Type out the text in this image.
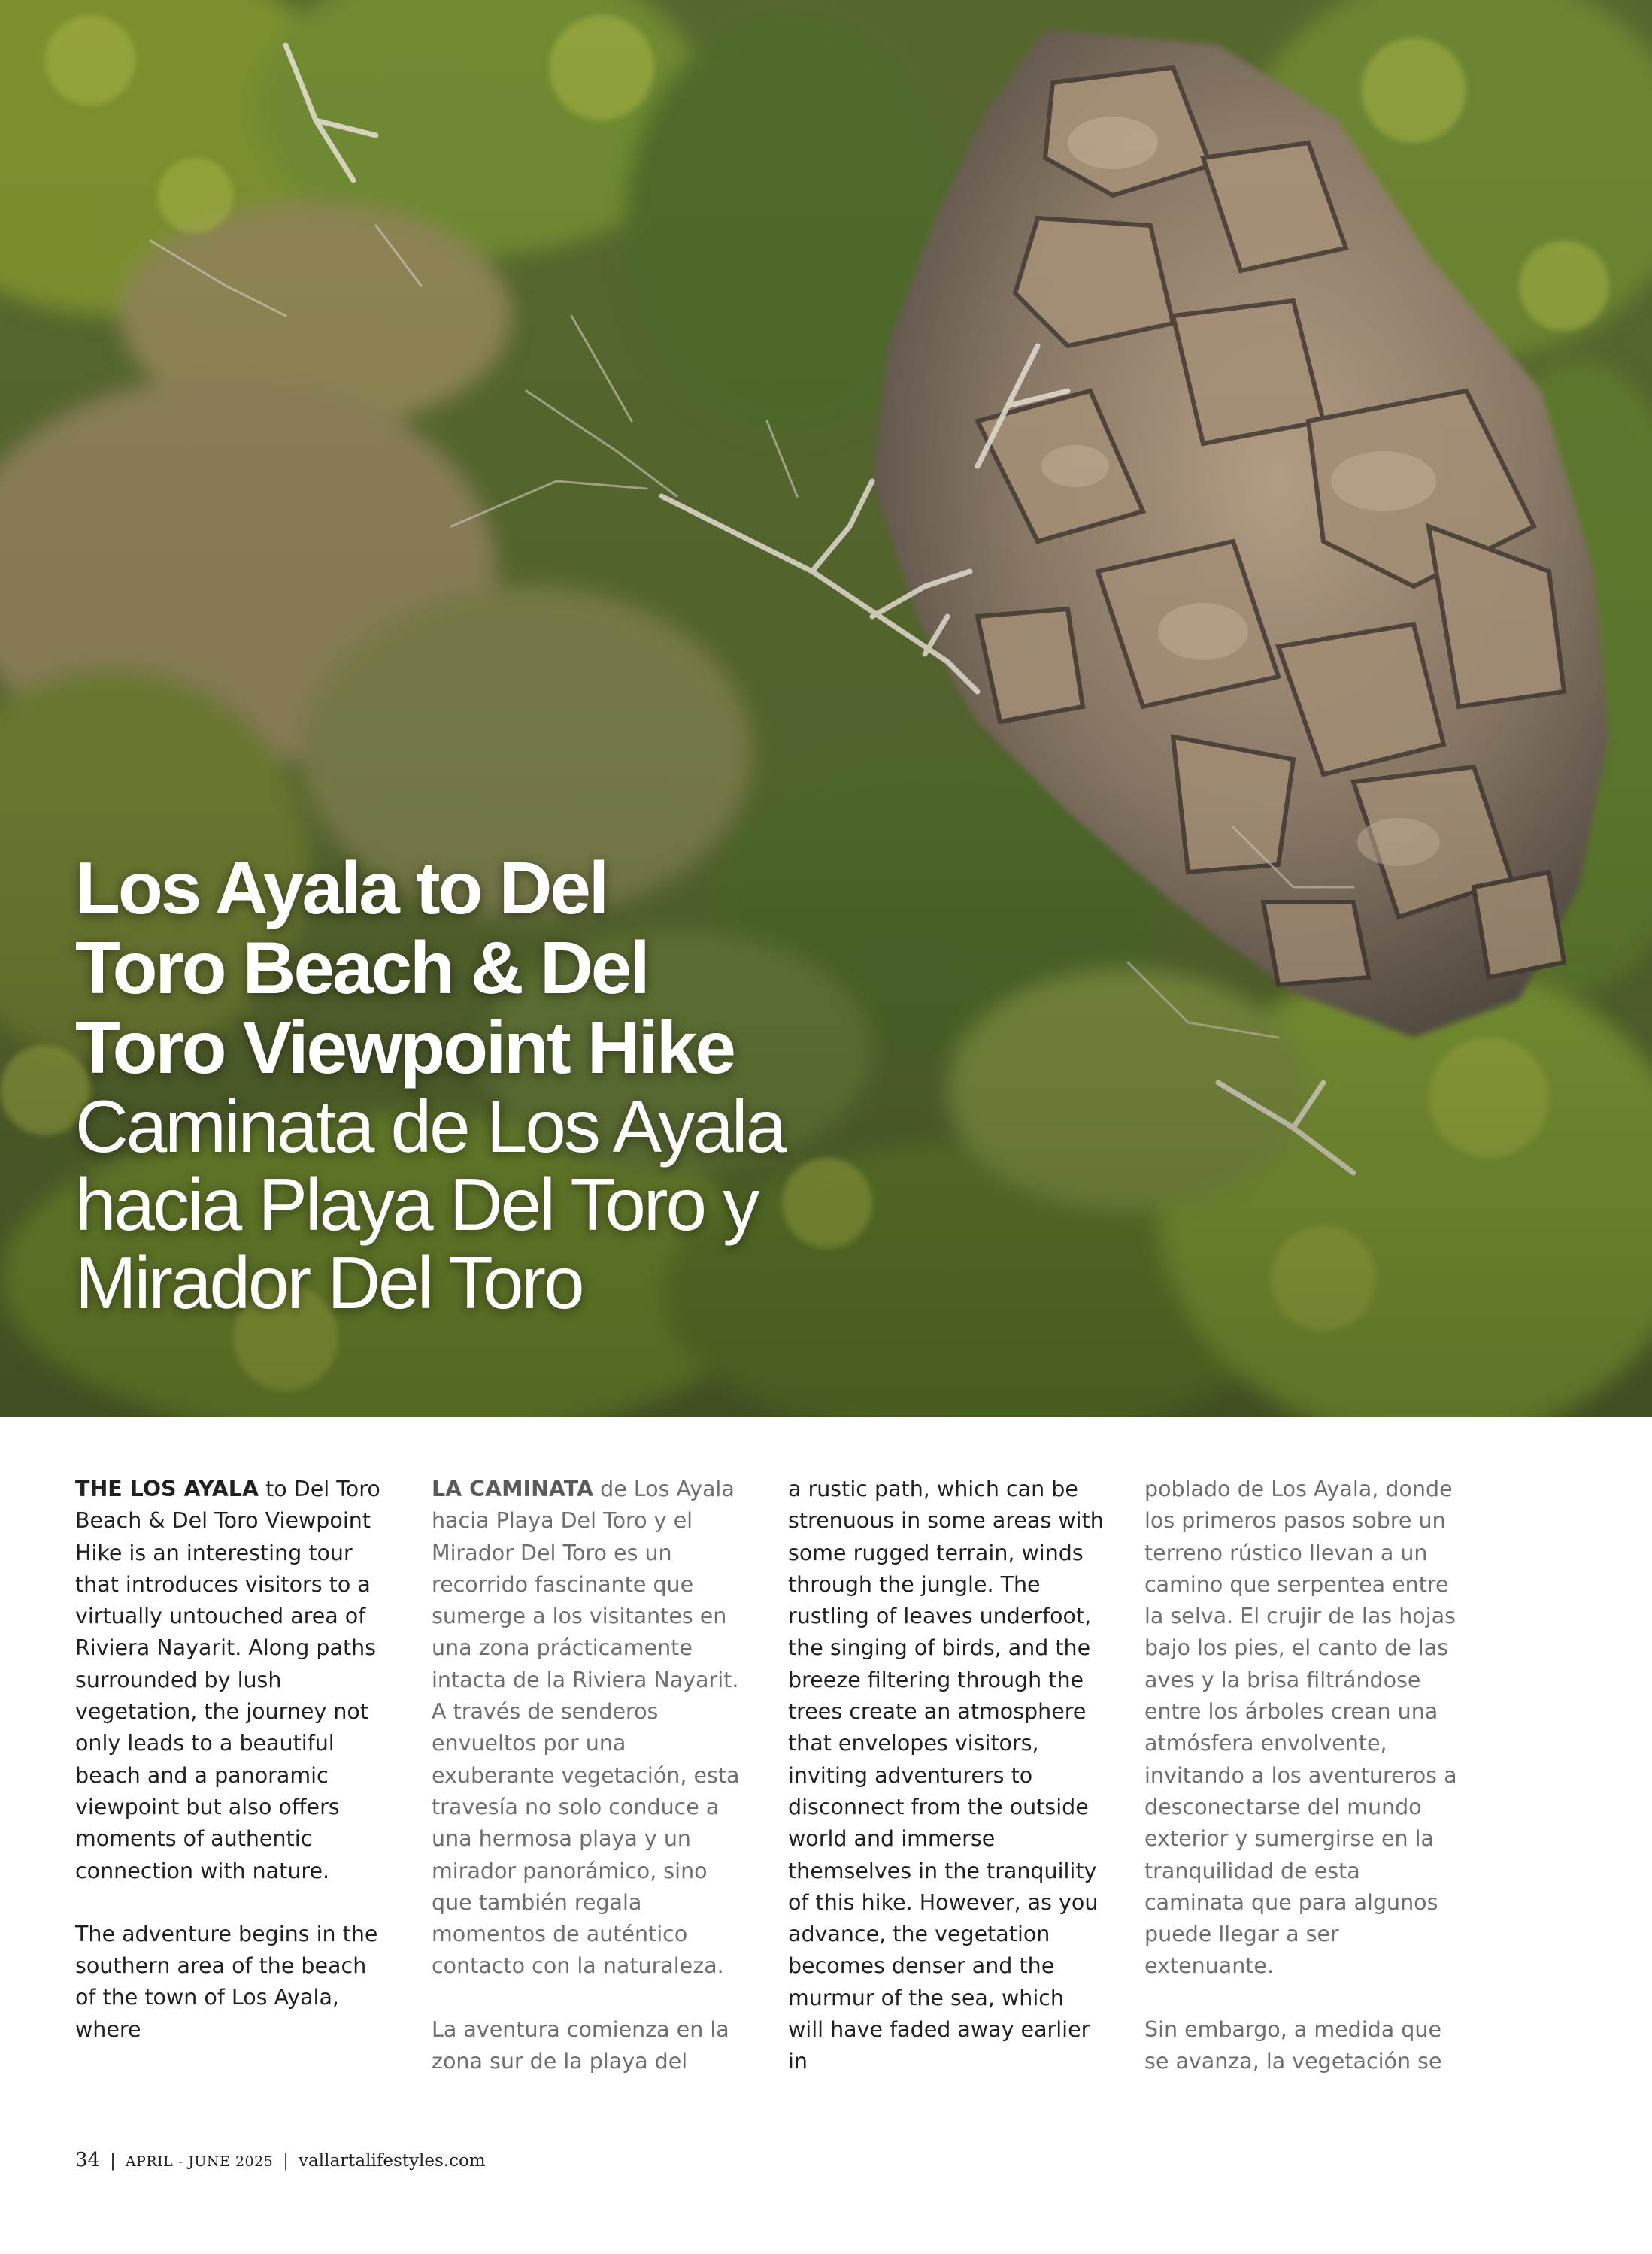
Los Ayala to Del
Toro Beach & Del
Toro Viewpoint Hike

Caminata de Los Ayala
hacia Playa Del Toro y
Mirador Del Toro

THE LOS AYALA to Del Toro Beach & Del Toro Viewpoint Hike is an interesting tour that introduces visitors to a virtually untouched area of Riviera Nayarit. Along paths surrounded by lush vegetation, the journey not only leads to a beautiful beach and a panoramic viewpoint but also offers moments of authentic connection with nature.

The adventure begins in the southern area of the beach of the town of Los Ayala, where

LA CAMINATA de Los Ayala hacia Playa Del Toro y el Mirador Del Toro es un recorrido fascinante que sumerge a los visitantes en una zona prácticamente intacta de la Riviera Nayarit. A través de senderos envueltos por una exuberante vegetación, esta travesía no solo conduce a una hermosa playa y un mirador panorámico, sino que también regala momentos de auténtico contacto con la naturaleza.

La aventura comienza en la zona sur de la playa del

a rustic path, which can be strenuous in some areas with some rugged terrain, winds through the jungle. The rustling of leaves underfoot, the singing of birds, and the breeze filtering through the trees create an atmosphere that envelopes visitors, inviting adventurers to disconnect from the outside world and immerse themselves in the tranquility of this hike. However, as you advance, the vegetation becomes denser and the murmur of the sea, which will have faded away earlier in

poblado de Los Ayala, donde los primeros pasos sobre un terreno rústico llevan a un camino que serpentea entre la selva. El crujir de las hojas bajo los pies, el canto de las aves y la brisa filtrándose entre los árboles crean una atmósfera envolvente, invitando a los aventureros a desconectarse del mundo exterior y sumergirse en la tranquilidad de esta caminata que para algunos puede llegar a ser extenuante.

Sin embargo, a medida que se avanza, la vegetación se

34 | APRIL - JUNE 2025 | vallartalifestyles.com
